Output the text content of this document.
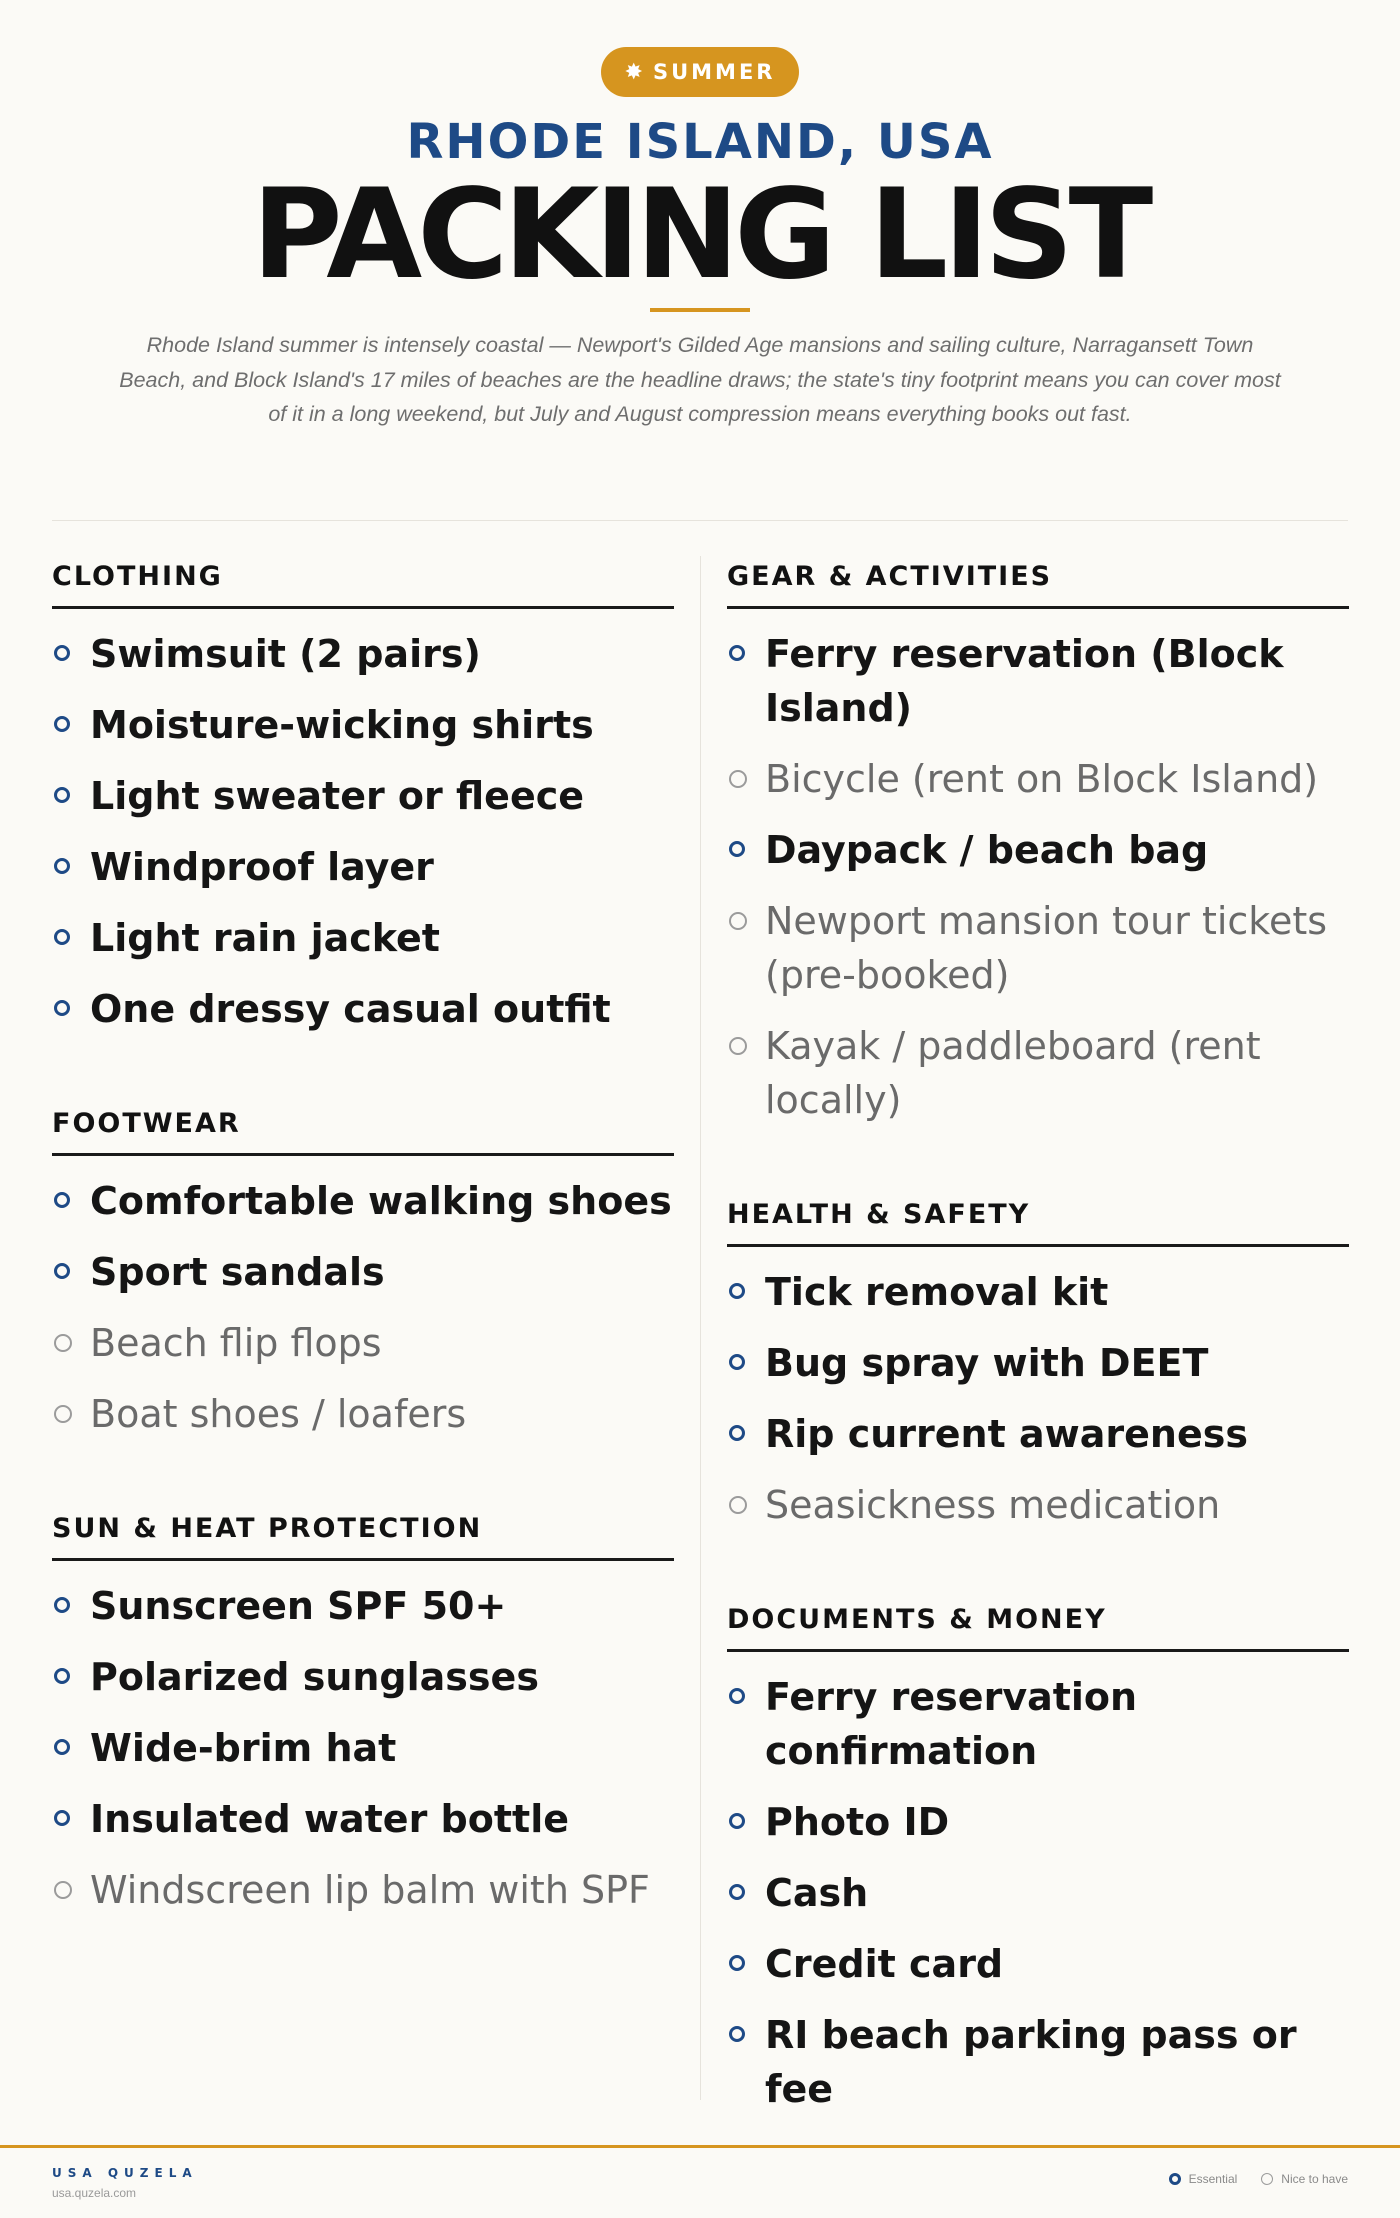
✸ SUMMER
RHODE ISLAND, USA
PACKING LIST
Rhode Island summer is intensely coastal — Newport's Gilded Age mansions and sailing culture, Narragansett Town Beach, and Block Island's 17 miles of beaches are the headline draws; the state's tiny footprint means you can cover most of it in a long weekend, but July and August compression means everything books out fast.
CLOTHING
Swimsuit (2 pairs)
Moisture-wicking shirts
Light sweater or fleece
Windproof layer
Light rain jacket
One dressy casual outfit
FOOTWEAR
Comfortable walking shoes
Sport sandals
Beach flip flops
Boat shoes / loafers
SUN & HEAT PROTECTION
Sunscreen SPF 50+
Polarized sunglasses
Wide-brim hat
Insulated water bottle
Windscreen lip balm with SPF
GEAR & ACTIVITIES
Ferry reservation (Block Island)
Bicycle (rent on Block Island)
Daypack / beach bag
Newport mansion tour tickets (pre-booked)
Kayak / paddleboard (rent locally)
HEALTH & SAFETY
Tick removal kit
Bug spray with DEET
Rip current awareness
Seasickness medication
DOCUMENTS & MONEY
Ferry reservation confirmation
Photo ID
Cash
Credit card
RI beach parking pass or fee
USA QUZELA
usa.quzela.com
Essential	Nice to have
